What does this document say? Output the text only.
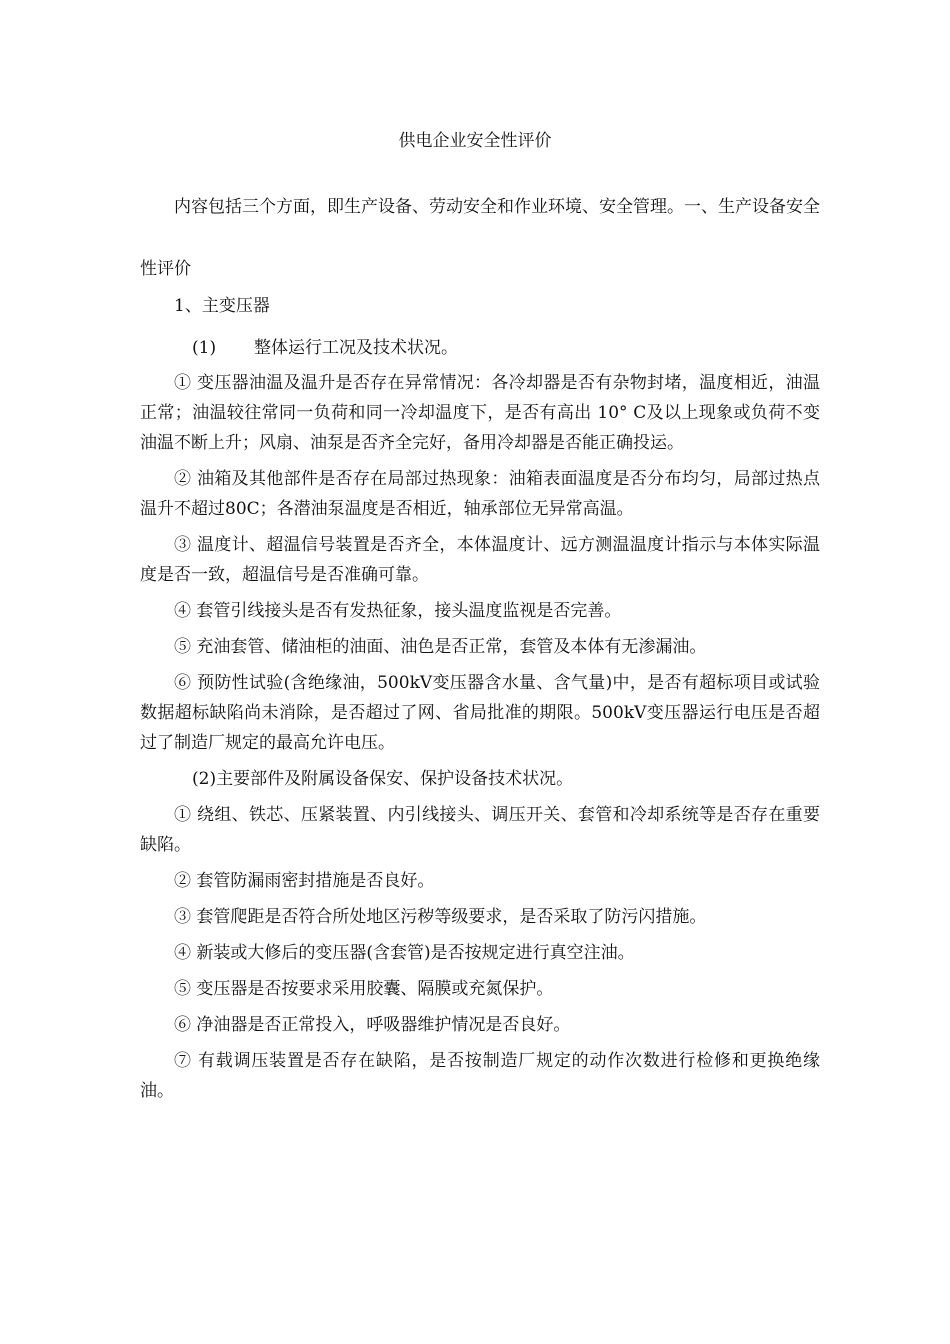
供电企业安全性评价

内容包括三个方面，即生产设备、劳动安全和作业环境、安全管理。一、生产设备安全性评价

1、主变压器

(1) 整体运行工况及技术状况。

① 变压器油温及温升是否存在异常情况：各冷却器是否有杂物封堵，温度相近，油温正常；油温较往常同一负荷和同一冷却温度下，是否有高出 10° C及以上现象或负荷不变油温不断上升；风扇、油泵是否齐全完好，备用冷却器是否能正确投运。

② 油箱及其他部件是否存在局部过热现象：油箱表面温度是否分布均匀，局部过热点温升不超过80C；各潜油泵温度是否相近，轴承部位无异常高温。

③ 温度计、超温信号装置是否齐全，本体温度计、远方测温温度计指示与本体实际温度是否一致，超温信号是否准确可靠。

④ 套管引线接头是否有发热征象，接头温度监视是否完善。

⑤ 充油套管、储油柜的油面、油色是否正常，套管及本体有无渗漏油。

⑥ 预防性试验(含绝缘油，500kV变压器含水量、含气量)中，是否有超标项目或试验数据超标缺陷尚未消除，是否超过了网、省局批准的期限。500kV变压器运行电压是否超过了制造厂规定的最高允许电压。

(2)主要部件及附属设备保安、保护设备技术状况。

① 绕组、铁芯、压紧装置、内引线接头、调压开关、套管和冷却系统等是否存在重要缺陷。

② 套管防漏雨密封措施是否良好。

③ 套管爬距是否符合所处地区污秽等级要求，是否采取了防污闪措施。

④ 新装或大修后的变压器(含套管)是否按规定进行真空注油。

⑤ 变压器是否按要求采用胶囊、隔膜或充氮保护。

⑥ 净油器是否正常投入，呼吸器维护情况是否良好。

⑦ 有载调压装置是否存在缺陷，是否按制造厂规定的动作次数进行检修和更换绝缘油。
